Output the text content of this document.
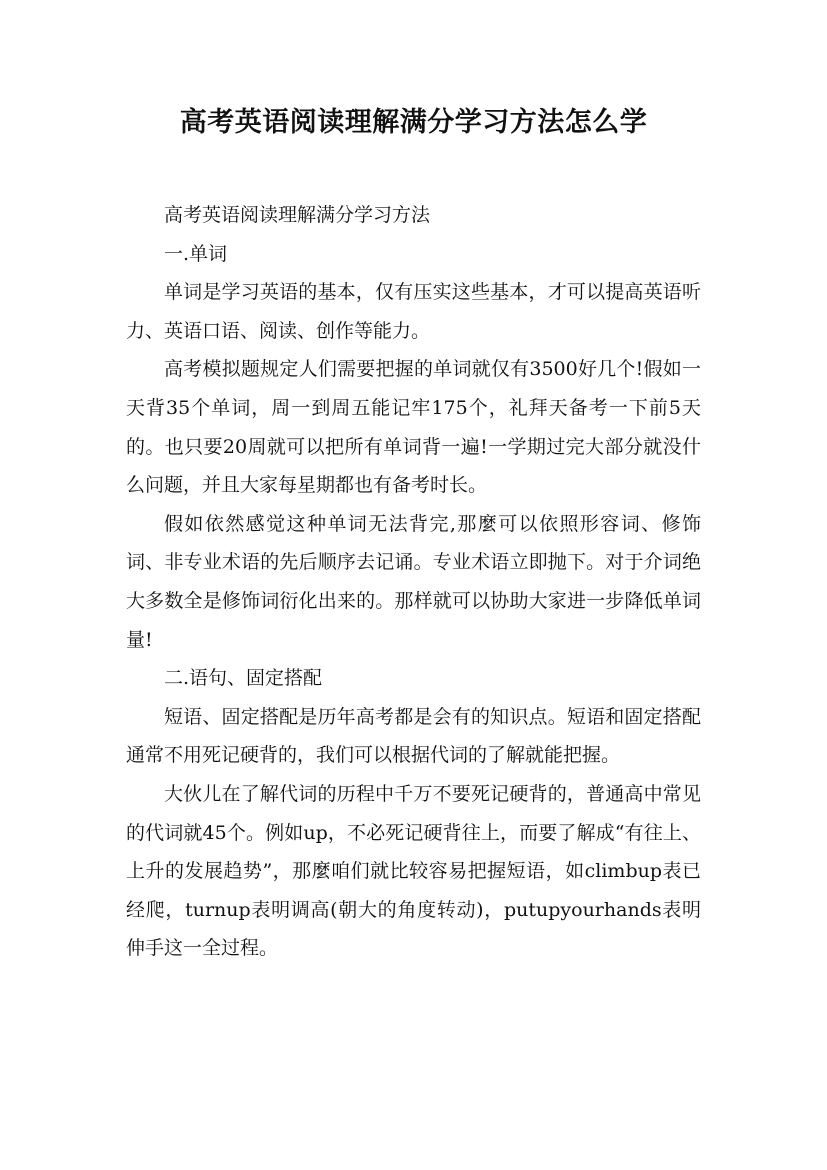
高考英语阅读理解满分学习方法怎么学

高考英语阅读理解满分学习方法

一.单词

单词是学习英语的基本，仅有压实这些基本，才可以提高英语听力、英语口语、阅读、创作等能力。

高考模拟题规定人们需要把握的单词就仅有3500好几个!假如一天背35个单词，周一到周五能记牢175个，礼拜天备考一下前5天的。也只要20周就可以把所有单词背一遍!一学期过完大部分就没什么问题，并且大家每星期都也有备考时长。

假如依然感觉这种单词无法背完,那麼可以依照形容词、修饰词、非专业术语的先后顺序去记诵。专业术语立即抛下。对于介词绝大多数全是修饰词衍化出来的。那样就可以协助大家进一步降低单词量!

二.语句、固定搭配

短语、固定搭配是历年高考都是会有的知识点。短语和固定搭配通常不用死记硬背的，我们可以根据代词的了解就能把握。

大伙儿在了解代词的历程中千万不要死记硬背的，普通高中常见的代词就45个。例如up，不必死记硬背往上，而要了解成“有往上、上升的发展趋势”，那麼咱们就比较容易把握短语，如climbup表已经爬，turnup表明调高(朝大的角度转动)，putupyourhands表明伸手这一全过程。
